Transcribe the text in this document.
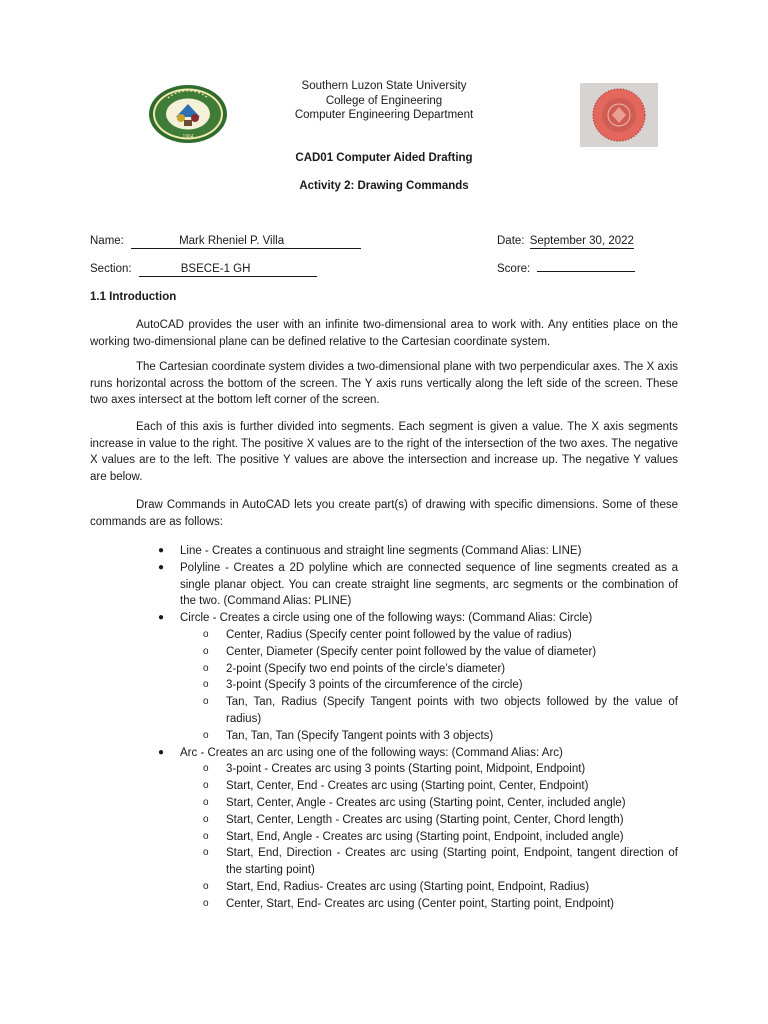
1964
Southern Luzon State University
College of Engineering
Computer Engineering Department
CAD01 Computer Aided Drafting
Activity 2: Drawing Commands
Name:	Mark Rheniel P. Villa	Date: September 30, 2022
Section:	BSECE-1 GH	Score:
1.1 Introduction
AutoCAD provides the user with an infinite two-dimensional area to work with. Any entities place on the working two-dimensional plane can be defined relative to the Cartesian coordinate system.
The Cartesian coordinate system divides a two-dimensional plane with two perpendicular axes. The X axis runs horizontal across the bottom of the screen. The Y axis runs vertically along the left side of the screen. These two axes intersect at the bottom left corner of the screen.
Each of this axis is further divided into segments. Each segment is given a value. The X axis segments increase in value to the right. The positive X values are to the right of the intersection of the two axes. The negative X values are to the left. The positive Y values are above the intersection and increase up. The negative Y values are below.
Draw Commands in AutoCAD lets you create part(s) of drawing with specific dimensions. Some of these commands are as follows:
● Line - Creates a continuous and straight line segments (Command Alias: LINE)
● Polyline - Creates a 2D polyline which are connected sequence of line segments created as a single planar object. You can create straight line segments, arc segments or the combination of the two. (Command Alias: PLINE)
● Circle - Creates a circle using one of the following ways: (Command Alias: Circle)
o Center, Radius (Specify center point followed by the value of radius)
o Center, Diameter (Specify center point followed by the value of diameter)
o 2-point (Specify two end points of the circle’s diameter)
o 3-point (Specify 3 points of the circumference of the circle)
o Tan, Tan, Radius (Specify Tangent points with two objects followed by the value of radius)
o Tan, Tan, Tan (Specify Tangent points with 3 objects)
● Arc - Creates an arc using one of the following ways: (Command Alias: Arc)
o 3-point - Creates arc using 3 points (Starting point, Midpoint, Endpoint)
o Start, Center, End - Creates arc using (Starting point, Center, Endpoint)
o Start, Center, Angle - Creates arc using (Starting point, Center, included angle)
o Start, Center, Length - Creates arc using (Starting point, Center, Chord length)
o Start, End, Angle - Creates arc using (Starting point, Endpoint, included angle)
o Start, End, Direction - Creates arc using (Starting point, Endpoint, tangent direction of the starting point)
o Start, End, Radius- Creates arc using (Starting point, Endpoint, Radius)
o Center, Start, End- Creates arc using (Center point, Starting point, Endpoint)
